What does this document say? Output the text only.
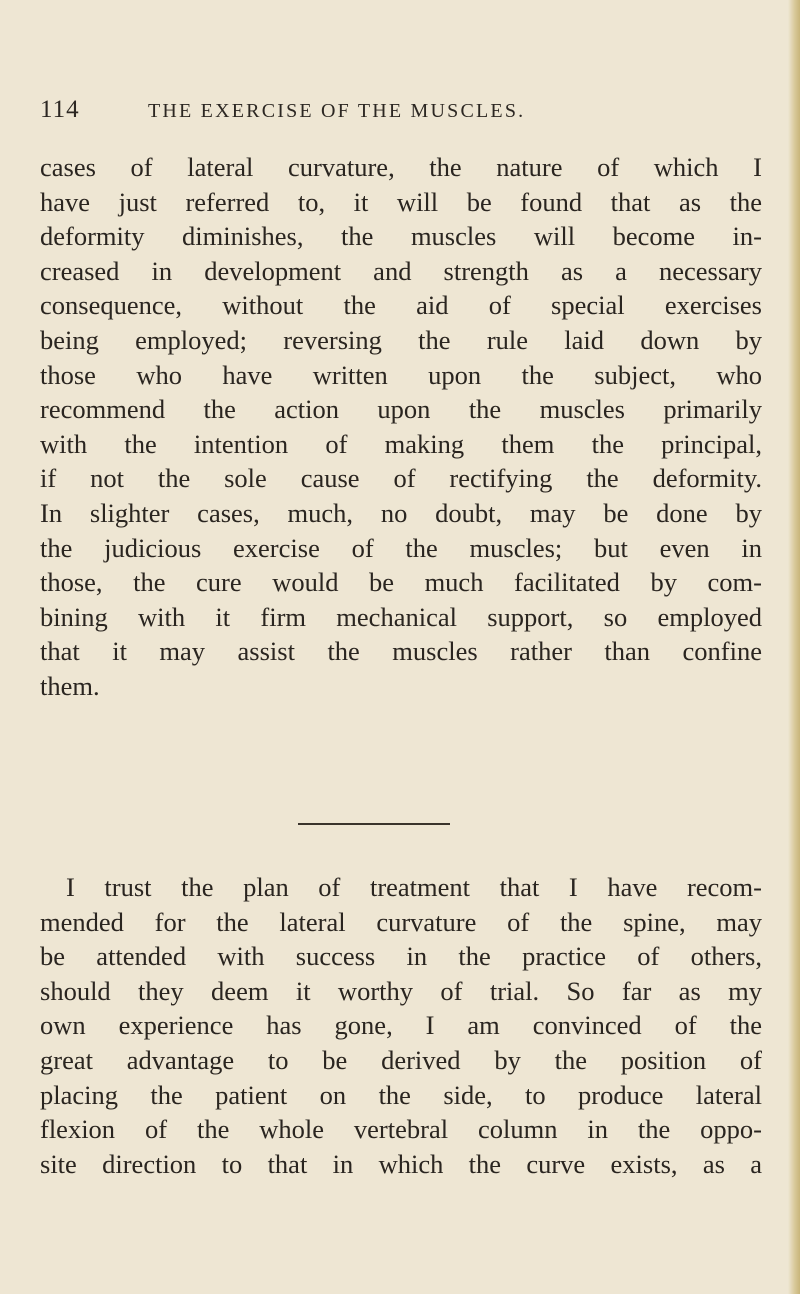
114	THE EXERCISE OF THE MUSCLES.

cases of lateral curvature, the nature of which I
have just referred to, it will be found that as the
deformity diminishes, the muscles will become in-
creased in development and strength as a necessary
consequence, without the aid of special exercises
being employed; reversing the rule laid down by
those who have written upon the subject, who
recommend the action upon the muscles primarily
with the intention of making them the principal,
if not the sole cause of rectifying the deformity.
In slighter cases, much, no doubt, may be done by
the judicious exercise of the muscles; but even in
those, the cure would be much facilitated by com-
bining with it firm mechanical support, so employed
that it may assist the muscles rather than confine
them.

I trust the plan of treatment that I have recom-
mended for the lateral curvature of the spine, may
be attended with success in the practice of others,
should they deem it worthy of trial. So far as my
own experience has gone, I am convinced of the
great advantage to be derived by the position of
placing the patient on the side, to produce lateral
flexion of the whole vertebral column in the oppo-
site direction to that in which the curve exists, as a
